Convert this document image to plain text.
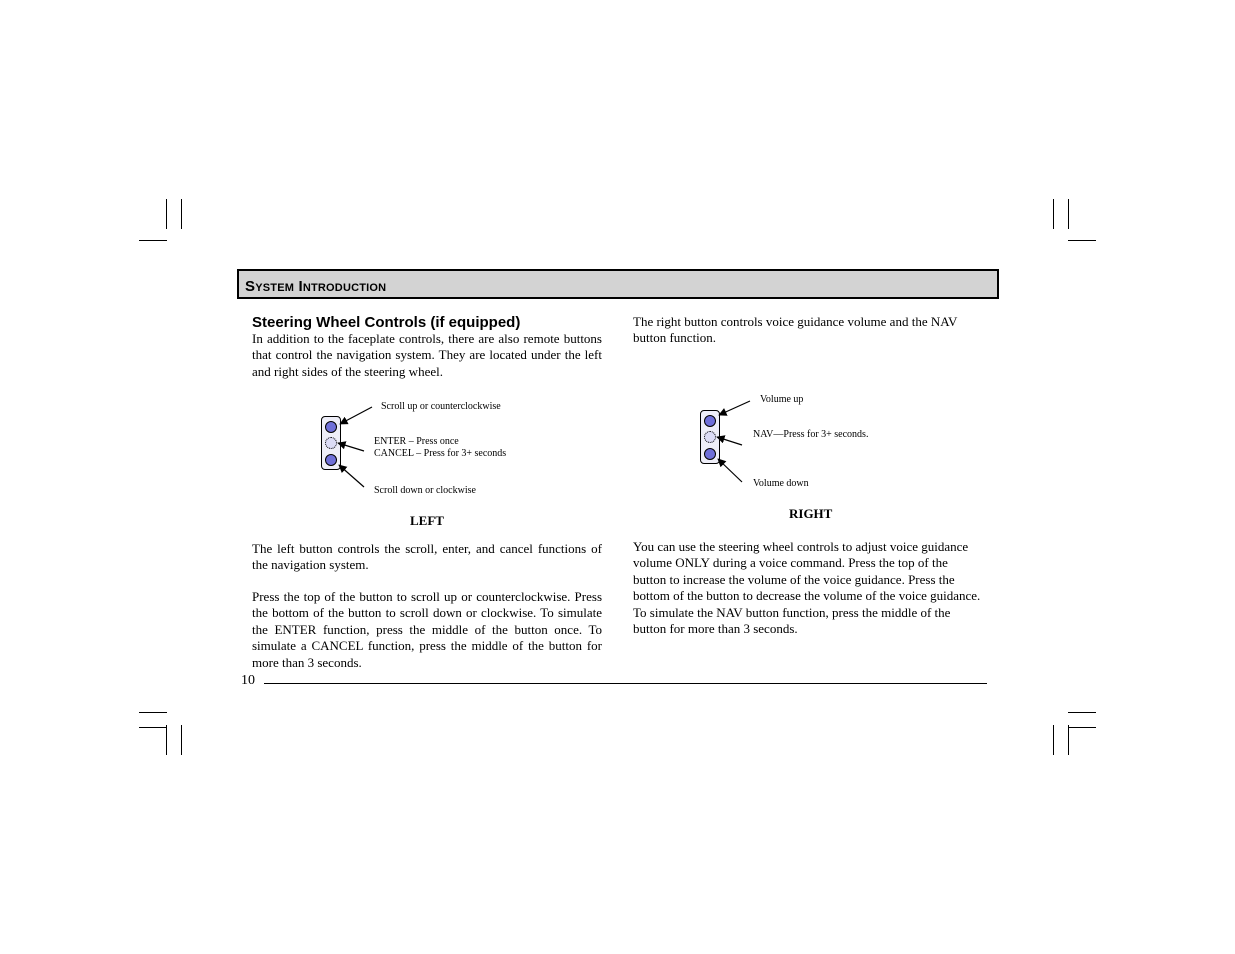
System Introduction
Steering Wheel Controls (if equipped)

In addition to the faceplate controls, there are also remote buttons that control the navigation system. They are located under the left and right sides of the steering wheel.

Scroll up or counterclockwise
ENTER – Press once
CANCEL – Press for 3+ seconds
Scroll down or clockwise
LEFT

The left button controls the scroll, enter, and cancel functions of the navigation system.

Press the top of the button to scroll up or counterclockwise. Press the bottom of the button to scroll down or clockwise. To simulate the ENTER function, press the middle of the button once. To simulate a CANCEL function, press the middle of the button for more than 3 seconds.

The right button controls voice guidance volume and the NAV button function.

Volume up
NAV—Press for 3+ seconds.
Volume down
RIGHT

You can use the steering wheel controls to adjust voice guidance volume ONLY during a voice command. Press the top of the button to increase the volume of the voice guidance. Press the bottom of the button to decrease the volume of the voice guidance. To simulate the NAV button function, press the middle of the button for more than 3 seconds.

10
